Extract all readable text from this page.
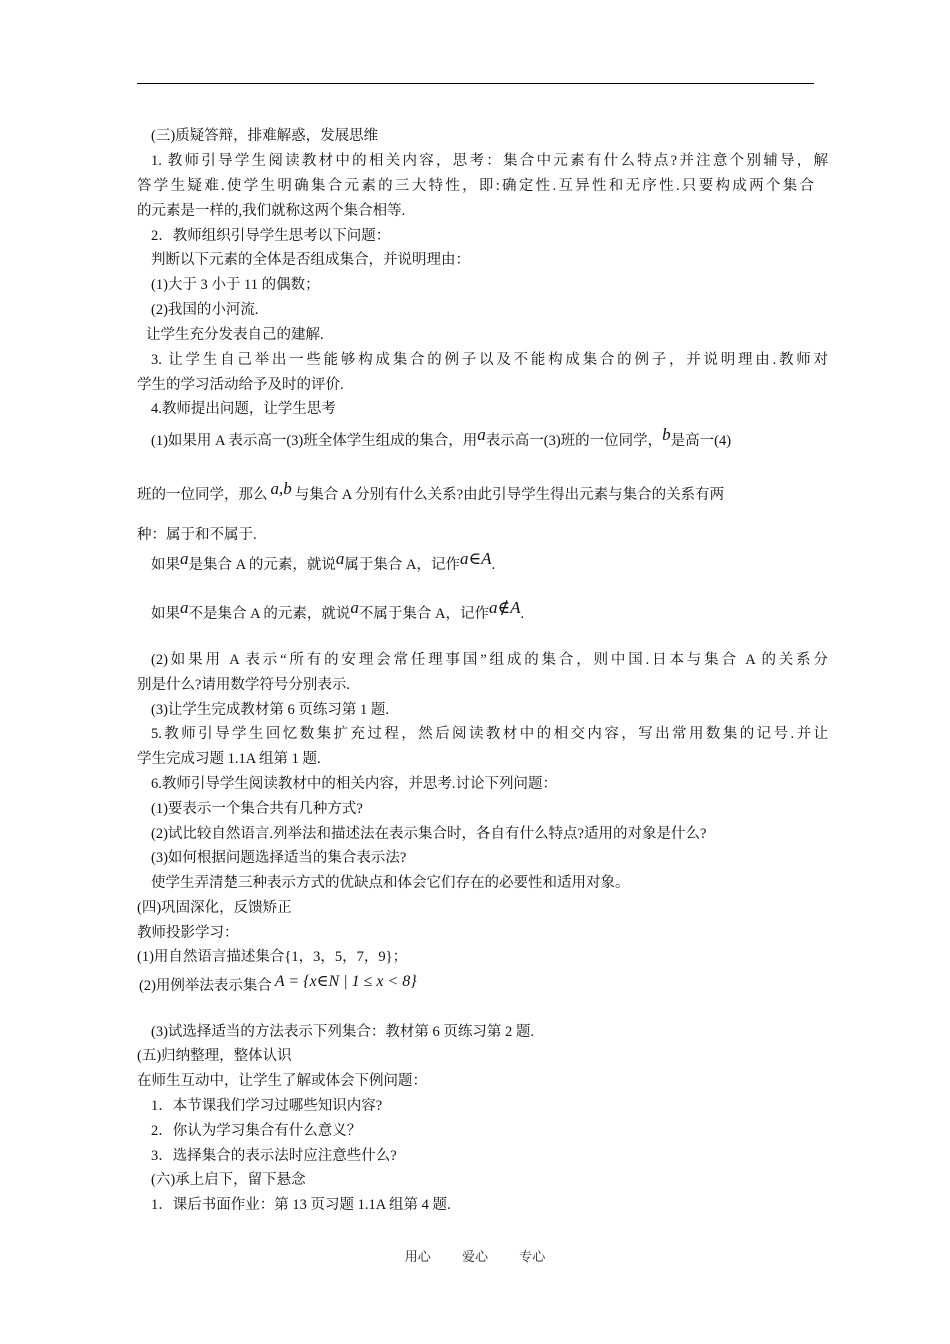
(三)质疑答辩，排难解惑，发展思维
1. 教师引导学生阅读教材中的相关内容，思考：集合中元素有什么特点?并注意个别辅导，解
答学生疑难.使学生明确集合元素的三大特性，即:确定性.互异性和无序性.只要构成两个集合
的元素是一样的,我们就称这两个集合相等.
2．教师组织引导学生思考以下问题：
判断以下元素的全体是否组成集合，并说明理由：
(1)大于 3 小于 11 的偶数；
(2)我国的小河流.
让学生充分发表自己的建解.
3. 让学生自己举出一些能够构成集合的例子以及不能构成集合的例子，并说明理由.教师对
学生的学习活动给予及时的评价.
4.教师提出问题，让学生思考
(1)如果用 A 表示高一(3)班全体学生组成的集合，用a表示高一(3)班的一位同学，b是高一(4)
班的一位同学，那么 a,b 与集合 A 分别有什么关系?由此引导学生得出元素与集合的关系有两
种：属于和不属于.
如果a是集合 A 的元素，就说a属于集合 A，记作a∈A.
如果a不是集合 A 的元素，就说a不属于集合 A，记作a∉A.
(2)如果用 A 表示“所有的安理会常任理事国”组成的集合，则中国.日本与集合 A 的关系分
别是什么?请用数学符号分别表示.
(3)让学生完成教材第 6 页练习第 1 题.
5.教师引导学生回忆数集扩充过程，然后阅读教材中的相交内容，写出常用数集的记号.并让
学生完成习题 1.1A 组第 1 题.
6.教师引导学生阅读教材中的相关内容，并思考.讨论下列问题：
(1)要表示一个集合共有几种方式?
(2)试比较自然语言.列举法和描述法在表示集合时，各自有什么特点?适用的对象是什么?
(3)如何根据问题选择适当的集合表示法?
使学生弄清楚三种表示方式的优缺点和体会它们存在的必要性和适用对象。
(四)巩固深化，反馈矫正
教师投影学习：
(1)用自然语言描述集合{1，3，5，7，9}；
(2)用例举法表示集合 A = {x∈N | 1 ≤ x < 8}
(3)试选择适当的方法表示下列集合：教材第 6 页练习第 2 题.
(五)归纳整理，整体认识
在师生互动中，让学生了解或体会下例问题：
1．本节课我们学习过哪些知识内容?
2．你认为学习集合有什么意义？
3．选择集合的表示法时应注意些什么?
(六)承上启下，留下悬念
1．课后书面作业：第 13 页习题 1.1A 组第 4 题.
用心 爱心 专心
